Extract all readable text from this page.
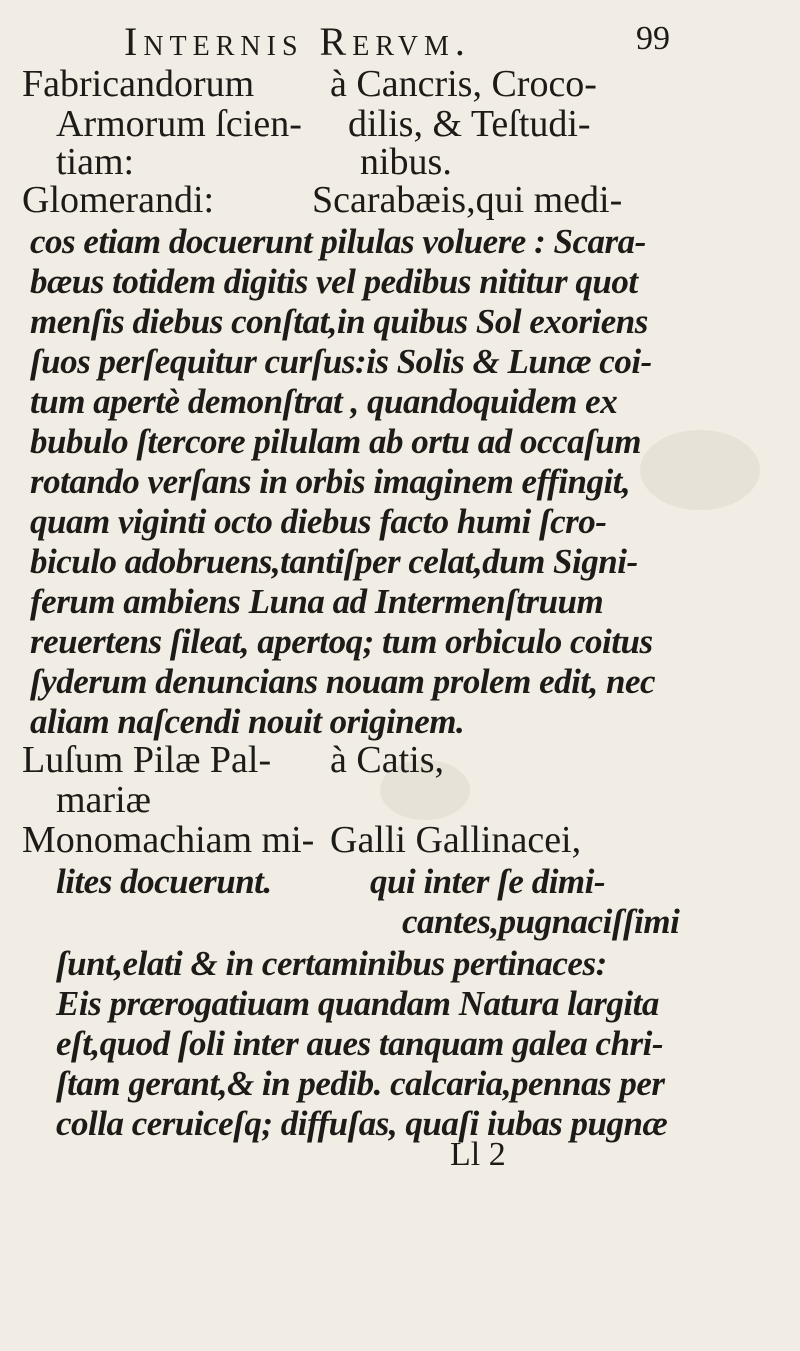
Internis Rervm.	99
Fabricandorum à Cancris, Croco-
Armorum ſcien- dilis, & Teſtudi-
tiam:	nibus.
Glomerandi:	Scarabæis,qui medi-
cos etiam docuerunt pilulas voluere : Scara-
bæus totidem digitis vel pedibus nititur quot
menſis diebus conſtat,in quibus Sol exoriens
ſuos perſequitur curſus:is Solis & Lunæ coi-
tum apertè demonſtrat , quandoquidem ex
bubulo ſtercore pilulam ab ortu ad occaſum
rotando verſans in orbis imaginem effingit,
quam viginti octo diebus facto humi ſcro-
biculo adobruens,tantiſper celat,dum Signi-
ferum ambiens Luna ad Intermenſtruum
reuertens ſileat, apertoq; tum orbiculo coitus
ſyderum denuncians nouam prolem edit, nec
aliam naſcendi nouit originem.
Luſum Pilæ Pal- à Catis,
mariæ
Monomachiam mi- Galli Gallinacei,
lites docuerunt.	qui inter ſe dimi-
cantes,pugnaciſſimi
ſunt,elati & in certaminibus pertinaces:
Eis prærogatiuam quandam Natura largita
eſt,quod ſoli inter aues tanquam galea chri-
ſtam gerant,& in pedib. calcaria,pennas per
colla ceruiceſq; diffuſas, quaſi iubas pugnæ
Ll 2
